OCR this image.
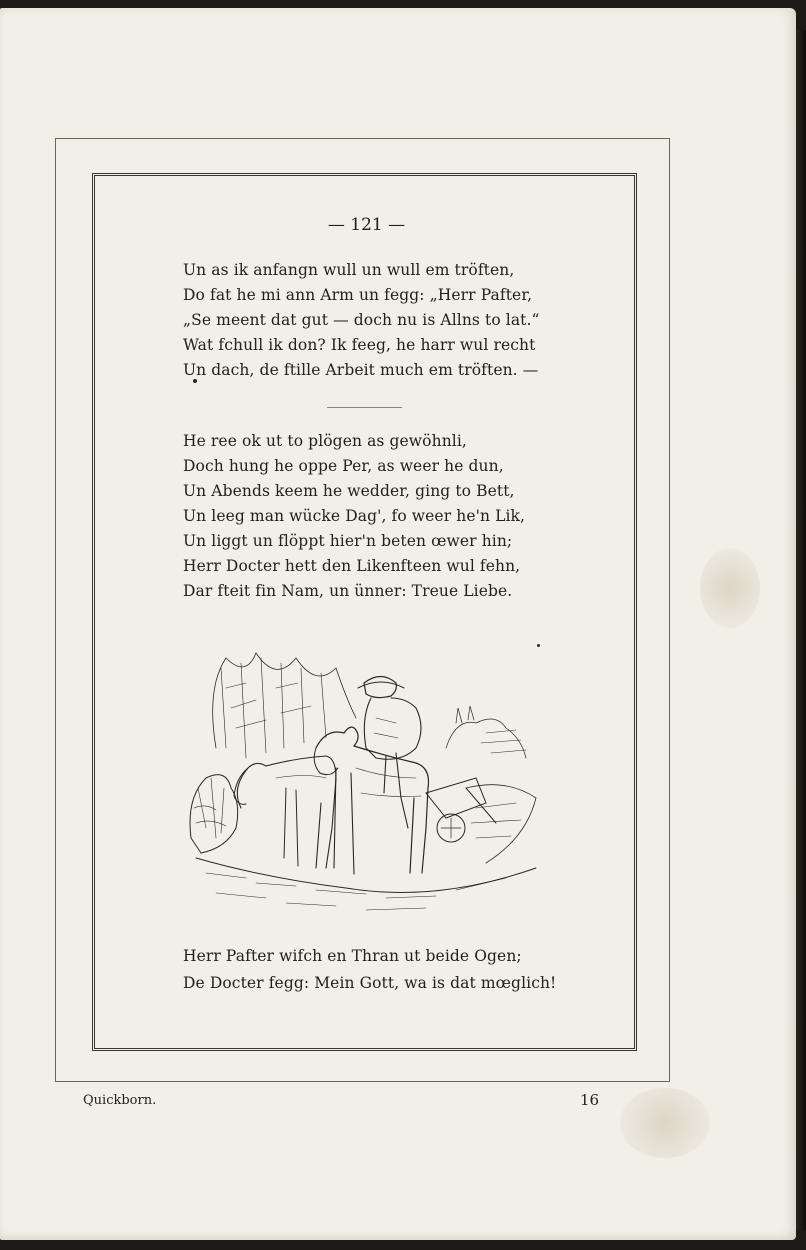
— 121 —
Un as ik anfangn wull un wull em tröften,
Do fat he mi ann Arm un fegg: „Herr Pafter,
„Se meent dat gut — doch nu is Allns to lat.“
Wat fchull ik don? Ik feeg, he harr wul recht
Un dach, de ftille Arbeit much em tröften. —
He ree ok ut to plögen as gewöhnli,
Doch hung he oppe Per, as weer he dun,
Un Abends keem he wedder, ging to Bett,
Un leeg man wücke Dag', fo weer he'n Lik,
Un liggt un flöppt hier'n beten œwer hin;
Herr Docter hett den Likenfteen wul fehn,
Dar fteit fin Nam, un ünner: Treue Liebe.
Herr Pafter wifch en Thran ut beide Ogen;
De Docter fegg: Mein Gott, wa is dat mœglich!
Quickborn.	16
